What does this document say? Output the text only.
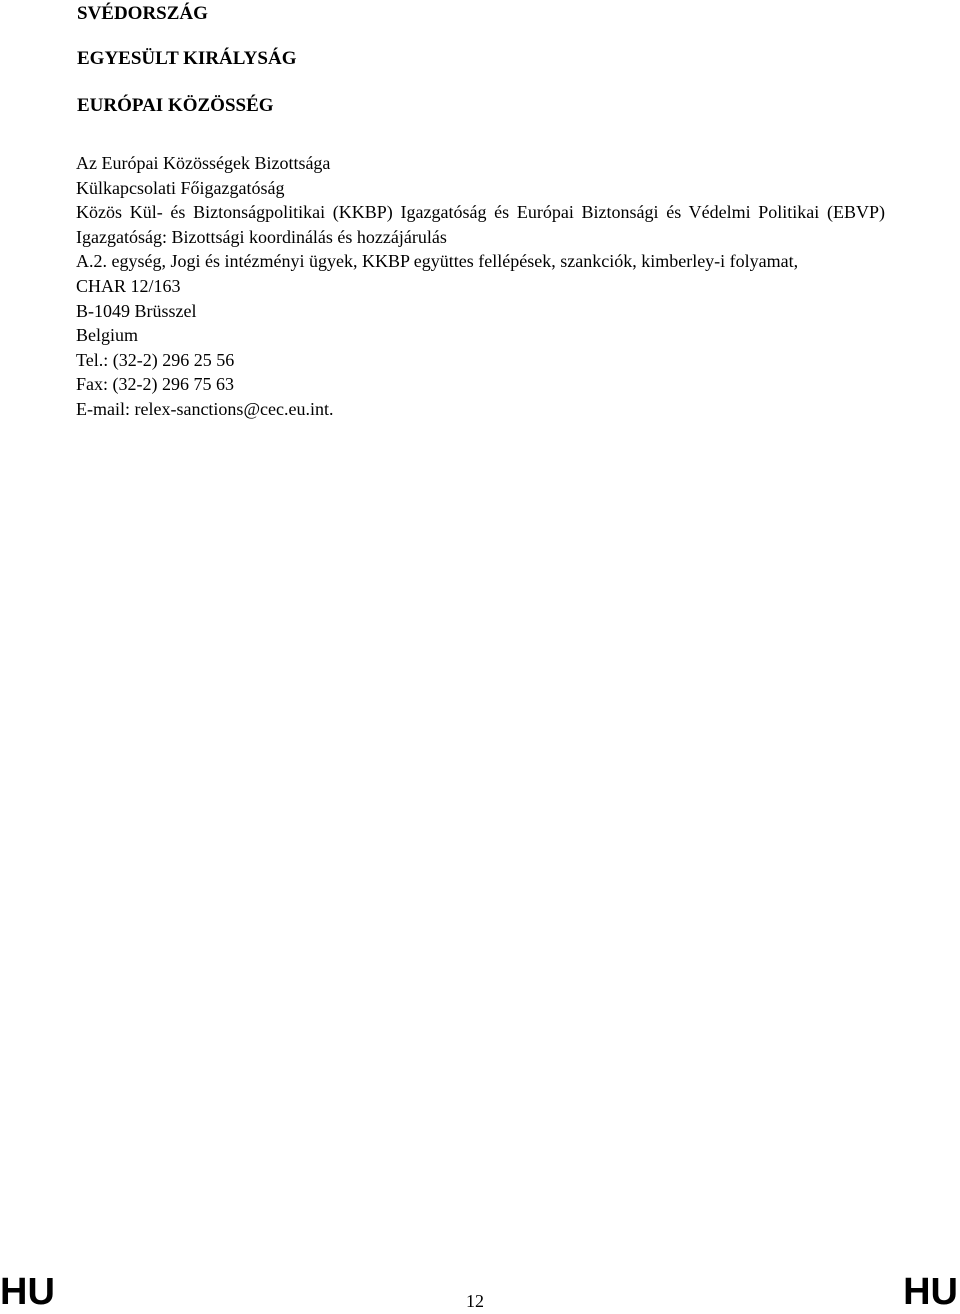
SVÉDORSZÁG
EGYESÜLT KIRÁLYSÁG
EURÓPAI KÖZÖSSÉG
Az Európai Közösségek Bizottsága
Külkapcsolati Főigazgatóság
Közös Kül- és Biztonságpolitikai (KKBP) Igazgatóság és Európai Biztonsági és Védelmi Politikai (EBVP) Igazgatóság: Bizottsági koordinálás és hozzájárulás
A.2. egység, Jogi és intézményi ügyek, KKBP együttes fellépések, szankciók, kimberley-i folyamat,
CHAR 12/163
B-1049 Brüsszel
Belgium
Tel.: (32-2) 296 25 56
Fax: (32-2) 296 75 63
E-mail: relex-sanctions@cec.eu.int.
HU	12	HU
